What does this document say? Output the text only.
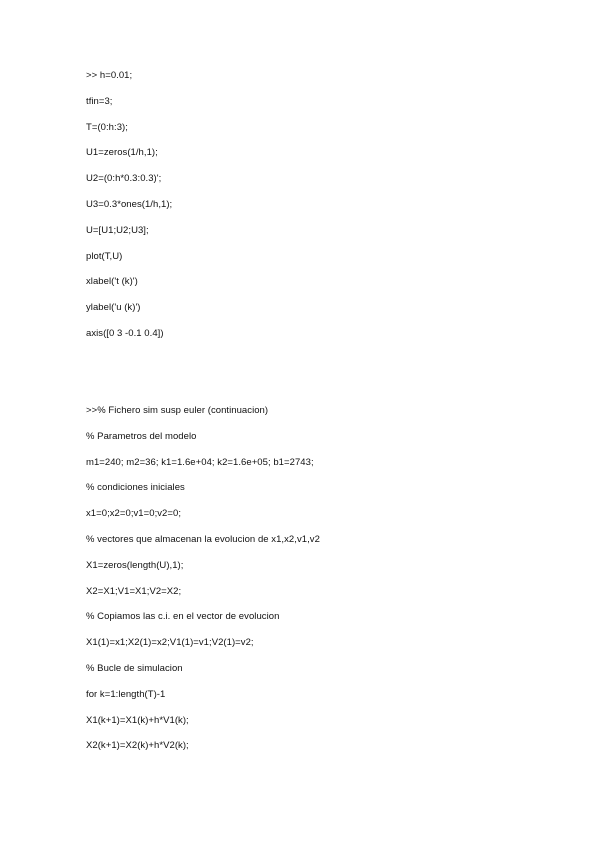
>> h=0.01;
tfin=3;
T=(0:h:3);
U1=zeros(1/h,1);
U2=(0:h*0.3:0.3)';
U3=0.3*ones(1/h,1);
U=[U1;U2;U3];
plot(T,U)
xlabel('t (k)')
ylabel('u (k)')
axis([0 3 -0.1 0.4])
>>% Fichero sim susp euler (continuacion)
% Parametros del modelo
m1=240; m2=36; k1=1.6e+04; k2=1.6e+05; b1=2743;
% condiciones iniciales
x1=0;x2=0;v1=0;v2=0;
% vectores que almacenan la evolucion de x1,x2,v1,v2
X1=zeros(length(U),1);
X2=X1;V1=X1;V2=X2;
% Copiamos las c.i. en el vector de evolucion
X1(1)=x1;X2(1)=x2;V1(1)=v1;V2(1)=v2;
% Bucle de simulacion
for k=1:length(T)-1
X1(k+1)=X1(k)+h*V1(k);
X2(k+1)=X2(k)+h*V2(k);
